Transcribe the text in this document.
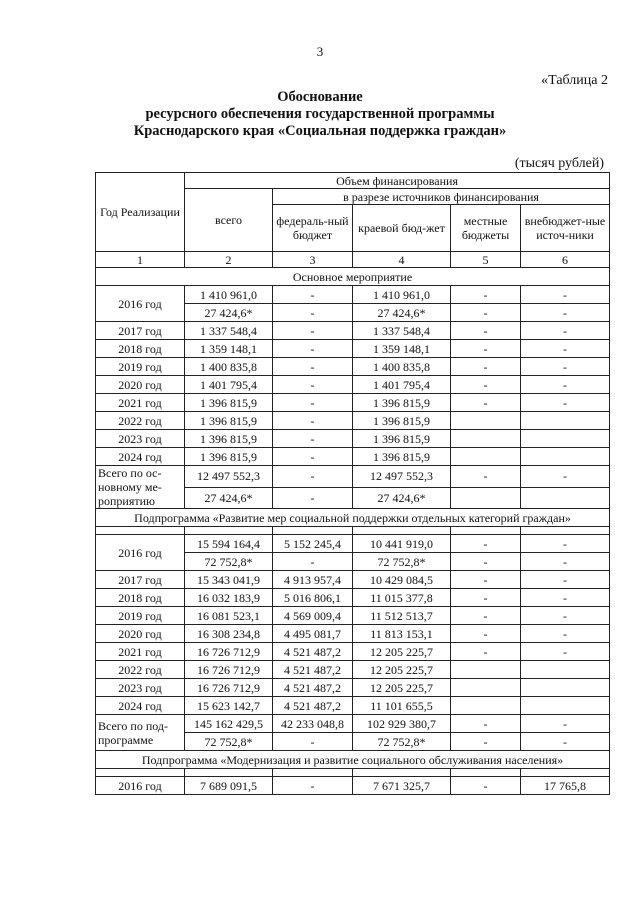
3
«Таблица 2
Обоснование
ресурсного обеспечения государственной программы
Краснодарского края «Социальная поддержка граждан»
(тысяч рублей)
Год Реализации	Объем финансирования				
	всего	в разрезе источников финансирования			
		федераль-ный бюджет	краевой бюд-жет	местные бюджеты	внебюджет-ные источ-ники
1	2	3	4	5	6
Основное мероприятие					
2016 год	1 410 961,0	-	1 410 961,0	-	-
	27 424,6*	-	27 424,6*	-	-
2017 год	1 337 548,4	-	1 337 548,4	-	-
2018 год	1 359 148,1	-	1 359 148,1	-	-
2019 год	1 400 835,8	-	1 400 835,8	-	-
2020 год	1 401 795,4	-	1 401 795,4	-	-
2021 год	1 396 815,9	-	1 396 815,9	-	-
2022 год	1 396 815,9	-	1 396 815,9		
2023 год	1 396 815,9	-	1 396 815,9		
2024 год	1 396 815,9	-	1 396 815,9		
Всего по ос-новному ме-роприятию	12 497 552,3	-	12 497 552,3	-	-
	27 424,6*	-	27 424,6*		
Подпрограмма «Развитие мер социальной поддержки отдельных категорий граждан»					

2016 год	15 594 164,4	5 152 245,4	10 441 919,0	-	-
	72 752,8*	-	72 752,8*	-	-
2017 год	15 343 041,9	4 913 957,4	10 429 084,5	-	-
2018 год	16 032 183,9	5 016 806,1	11 015 377,8	-	-
2019 год	16 081 523,1	4 569 009,4	11 512 513,7	-	-
2020 год	16 308 234,8	4 495 081,7	11 813 153,1	-	-
2021 год	16 726 712,9	4 521 487,2	12 205 225,7	-	-
2022 год	16 726 712,9	4 521 487,2	12 205 225,7		
2023 год	16 726 712,9	4 521 487,2	12 205 225,7		
2024 год	15 623 142,7	4 521 487,2	11 101 655,5		
Всего по под-программе	145 162 429,5	42 233 048,8	102 929 380,7	-	-
	72 752,8*	-	72 752,8*	-	-
Подпрограмма «Модернизация и развитие социального обслуживания населения»					

2016 год	7 689 091,5	-	7 671 325,7	-	17 765,8
